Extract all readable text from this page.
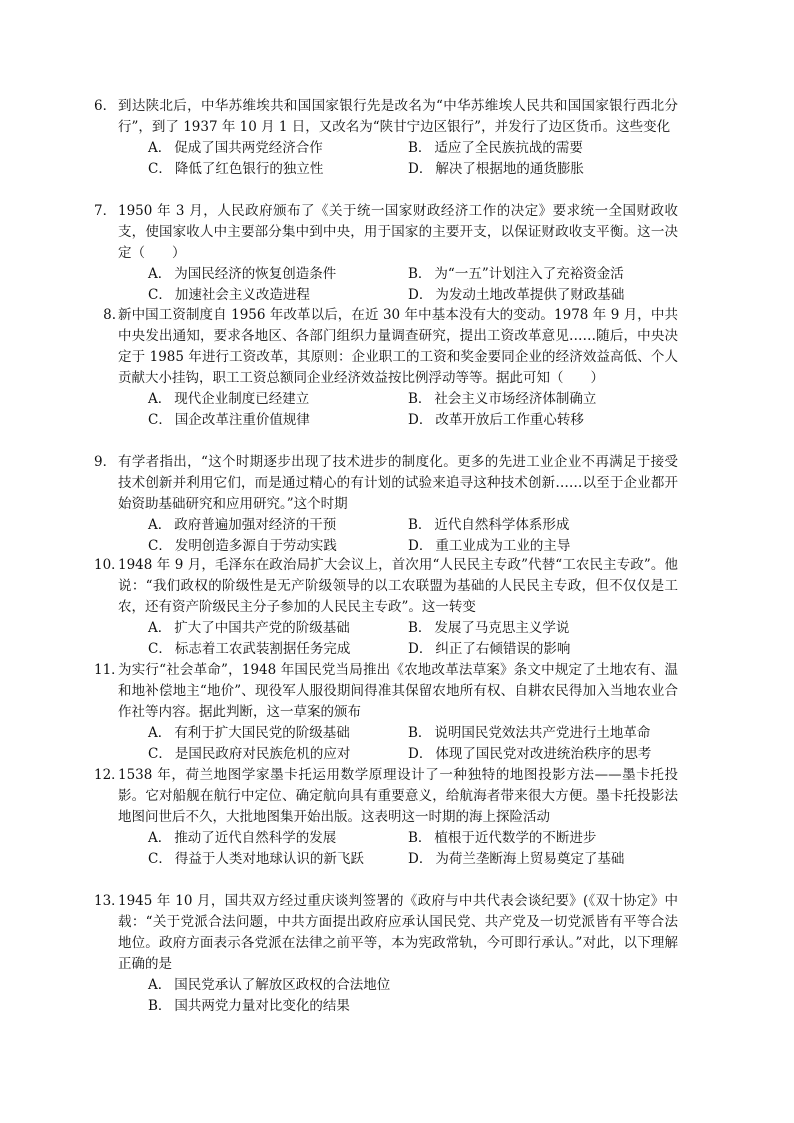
6． 到达陕北后，中华苏维埃共和国国家银行先是改名为“中华苏维埃人民共和国国家银行西北分行”，到了 1937 年 10 月 1 日，又改名为“陕甘宁边区银行”，并发行了边区货币。这些变化

A． 促成了国共两党经济合作	B． 适应了全民族抗战的需要
C． 降低了红色银行的独立性	D． 解决了根据地的通货膨胀
7． 1950 年 3 月，人民政府颁布了《关于统一国家财政经济工作的决定》要求统一全国财政收支，使国家收人中主要部分集中到中央，用于国家的主要开支，以保证财政收支平衡。这一决定（　　）

A． 为国民经济的恢复创造条件	B． 为“一五”计划注入了充裕资金活
C． 加速社会主义改造进程	D． 为发动土地改革提供了财政基础
8. 新中国工资制度自 1956 年改革以后，在近 30 年中基本没有大的变动。1978 年 9 月，中共中央发出通知，要求各地区、各部门组织力量调查研究，提出工资改革意见……随后，中央决定于 1985 年进行工资改革，其原则：企业职工的工资和奖金要同企业的经济效益高低、个人贡献大小挂钩，职工工资总额同企业经济效益按比例浮动等等。据此可知（　　）

A． 现代企业制度已经建立	B． 社会主义市场经济体制确立
C． 国企改革注重价值规律	D． 改革开放后工作重心转移
9． 有学者指出，“这个时期逐步出现了技术进步的制度化。更多的先进工业企业不再满足于接受技术创新并利用它们，而是通过精心的有计划的试验来追寻这种技术创新……以至于企业都开始资助基础研究和应用研究。”这个时期

A． 政府普遍加强对经济的干预	B． 近代自然科学体系形成
C． 发明创造多源自于劳动实践	D． 重工业成为工业的主导
10．

1948 年 9 月，毛泽东在政治局扩大会议上，首次用“人民民主专政”代替“工农民主专政”。他说：“我们政权的阶级性是无产阶级领导的以工农联盟为基础的人民民主专政，但不仅仅是工农，还有资产阶级民主分子参加的人民民主专政”。这一转变

A． 扩大了中国共产党的阶级基础	B． 发展了马克思主义学说
C． 标志着工农武装割据任务完成	D． 纠正了右倾错误的影响
11．

为实行“社会革命”，1948 年国民党当局推出《农地改革法草案》条文中规定了土地农有、温和地补偿地主“地价”、现役军人服役期间得准其保留农地所有权、自耕农民得加入当地农业合作社等内容。据此判断，这一草案的颁布

A． 有利于扩大国民党的阶级基础	B． 说明国民党效法共产党进行土地革命
C． 是国民政府对民族危机的应对	D． 体现了国民党对改进统治秩序的思考
12．

1538 年，荷兰地图学家墨卡托运用数学原理设计了一种独特的地图投影方法——墨卡托投影。它对船舰在航行中定位、确定航向具有重要意义，给航海者带来很大方便。墨卡托投影法地图问世后不久，大批地图集开始出版。这表明这一时期的海上探险活动

A． 推动了近代自然科学的发展	B． 植根于近代数学的不断进步
C． 得益于人类对地球认识的新飞跃	D． 为荷兰垄断海上贸易奠定了基础
13．

1945 年 10 月，国共双方经过重庆谈判签署的《政府与中共代表会谈纪要》(《双十协定》中载：“关于党派合法问题，中共方面提出政府应承认国民党、共产党及一切党派皆有平等合法地位。政府方面表示各党派在法律之前平等，本为宪政常轨，今可即行承认。”对此，以下理解正确的是

A． 国民党承认了解放区政权的合法地位
B． 国共两党力量对比变化的结果
